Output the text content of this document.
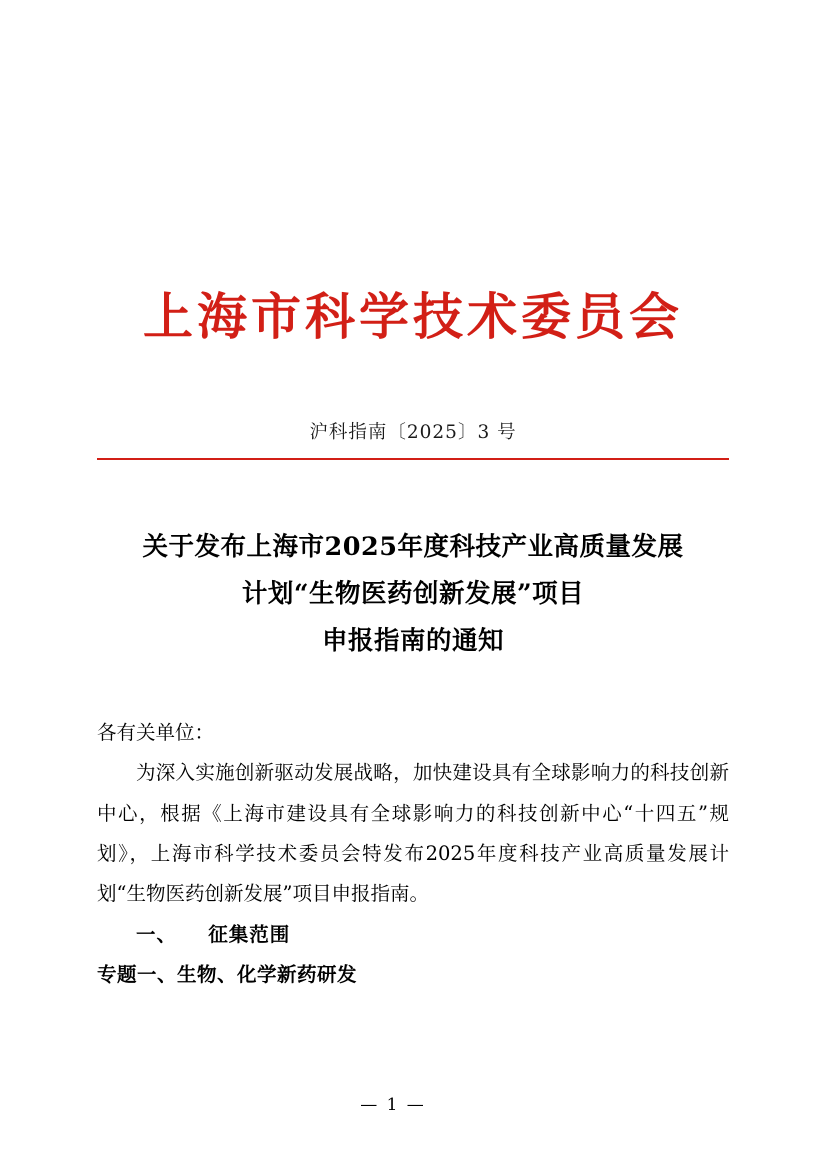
上海市科学技术委员会
沪科指南〔2025〕3 号
关于发布上海市2025年度科技产业高质量发展
计划“生物医药创新发展”项目
申报指南的通知

各有关单位：

为深入实施创新驱动发展战略，加快建设具有全球影响力的科技创新中心，根据《上海市建设具有全球影响力的科技创新中心“十四五”规划》，上海市科学技术委员会特发布2025年度科技产业高质量发展计划“生物医药创新发展”项目申报指南。

一、 征集范围

专题一、生物、化学新药研发

— 1 —
